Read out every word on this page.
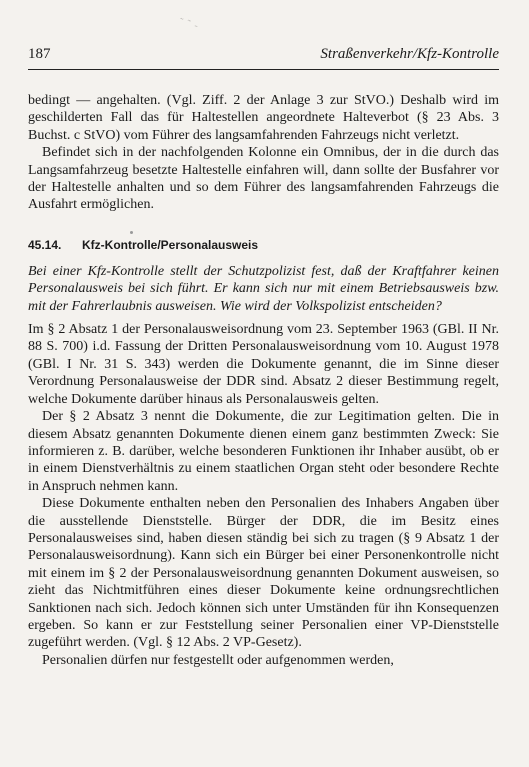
˜ ˜ ‑
187	Straßenverkehr/Kfz-Kontrolle

bedingt — angehalten. (Vgl. Ziff. 2 der Anlage 3 zur StVO.) Deshalb wird im geschilderten Fall das für Haltestellen angeordnete Halteverbot (§ 23 Abs. 3 Buchst. c StVO) vom Führer des langsamfahrenden Fahrzeugs nicht verletzt.

Befindet sich in der nachfolgenden Kolonne ein Omnibus, der in die durch das Langsamfahrzeug besetzte Haltestelle einfahren will, dann sollte der Busfahrer vor der Haltestelle anhalten und so dem Führer des langsamfahrenden Fahrzeugs die Ausfahrt ermöglichen.

45.14.	Kfz-Kontrolle/Personalausweis

Bei einer Kfz-Kontrolle stellt der Schutzpolizist fest, daß der Kraftfahrer keinen Personalausweis bei sich führt. Er kann sich nur mit einem Betriebsausweis bzw. mit der Fahrerlaubnis ausweisen. Wie wird der Volkspolizist entscheiden?

Im § 2 Absatz 1 der Personalausweisordnung vom 23. September 1963 (GBl. II Nr. 88 S. 700) i.d. Fassung der Dritten Personalausweisordnung vom 10. August 1978 (GBl. I Nr. 31 S. 343) werden die Dokumente genannt, die im Sinne dieser Verordnung Personalausweise der DDR sind. Absatz 2 dieser Bestimmung regelt, welche Dokumente darüber hinaus als Personalausweis gelten.

Der § 2 Absatz 3 nennt die Dokumente, die zur Legitimation gelten. Die in diesem Absatz genannten Dokumente dienen einem ganz bestimmten Zweck: Sie informieren z. B. darüber, welche besonderen Funktionen ihr Inhaber ausübt, ob er in einem Dienstverhältnis zu einem staatlichen Organ steht oder besondere Rechte in Anspruch nehmen kann.

Diese Dokumente enthalten neben den Personalien des Inhabers Angaben über die ausstellende Dienststelle. Bürger der DDR, die im Besitz eines Personalausweises sind, haben diesen ständig bei sich zu tragen (§ 9 Absatz 1 der Personalausweisordnung). Kann sich ein Bürger bei einer Personenkontrolle nicht mit einem im § 2 der Personalausweisordnung genannten Dokument ausweisen, so zieht das Nichtmitführen eines dieser Dokumente keine ordnungsrechtlichen Sanktionen nach sich. Jedoch können sich unter Umständen für ihn Konsequenzen ergeben. So kann er zur Feststellung seiner Personalien einer VP-Dienststelle zugeführt werden. (Vgl. § 12 Abs. 2 VP-Gesetz).

Personalien dürfen nur festgestellt oder aufgenommen werden,
